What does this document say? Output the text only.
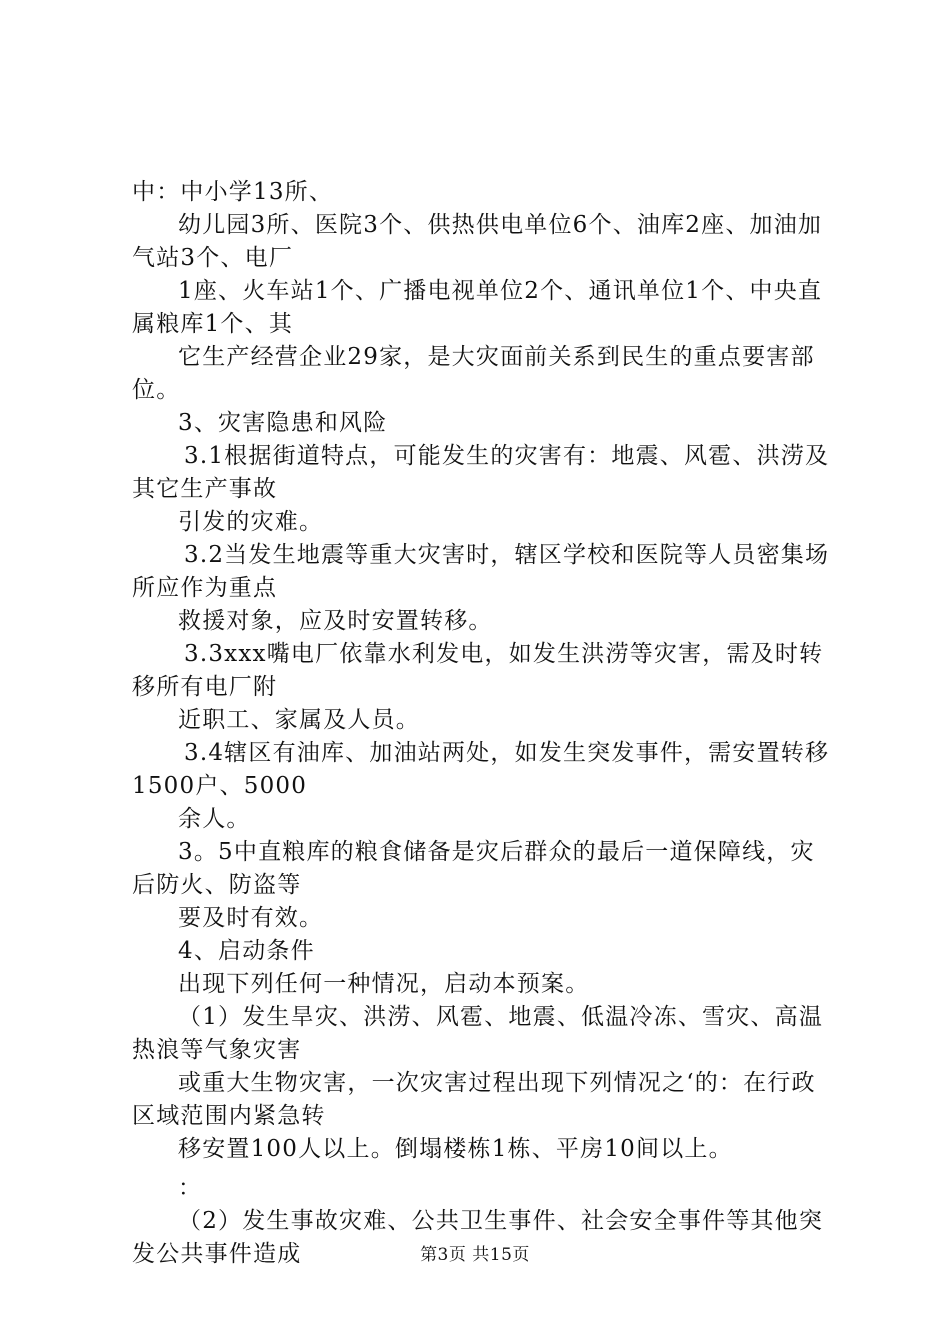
中：中小学13所、

幼儿园3所、医院3个、供热供电单位6个、油库2座、加油加气站3个、电厂

1座、火车站1个、广播电视单位2个、通讯单位1个、中央直属粮库1个、其

它生产经营企业29家，是大灾面前关系到民生的重点要害部位。

3、灾害隐患和风险

3.1根据街道特点，可能发生的灾害有：地震、风雹、洪涝及其它生产事故

引发的灾难。

3.2当发生地震等重大灾害时，辖区学校和医院等人员密集场所应作为重点

救援对象，应及时安置转移。

3.3xxx嘴电厂依靠水利发电，如发生洪涝等灾害，需及时转移所有电厂附

近职工、家属及人员。

3.4辖区有油库、加油站两处，如发生突发事件，需安置转移1500户、5000

余人。

3。5中直粮库的粮食储备是灾后群众的最后一道保障线，灾后防火、防盗等

要及时有效。

4、启动条件

出现下列任何一种情况，启动本预案。

（1）发生旱灾、洪涝、风雹、地震、低温冷冻、雪灾、高温热浪等气象灾害

或重大生物灾害，一次灾害过程出现下列情况之‘的：在行政区域范围内紧急转

移安置100人以上。倒塌楼栋1栋、平房10间以上。

：

（2）发生事故灾难、公共卫生事件、社会安全事件等其他突发公共事件造成	第3页 共15页
